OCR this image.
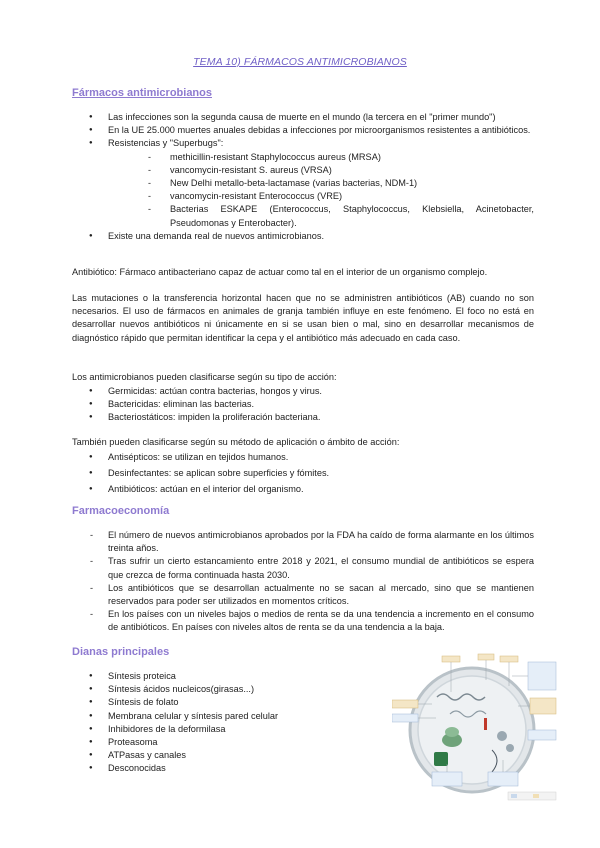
TEMA 10) FÁRMACOS ANTIMICROBIANOS
Fármacos antimicrobianos
● Las infecciones son la segunda causa de muerte en el mundo (la tercera en el "primer mundo")
● En la UE 25.000 muertes anuales debidas a infecciones por microorganismos resistentes a antibióticos.
● Resistencias y "Superbugs":
- methicillin-resistant Staphylococcus aureus (MRSA)
- vancomycin-resistant S. aureus (VRSA)
- New Delhi metallo-beta-lactamase (varias bacterias, NDM-1)
- vancomycin-resistant Enterococcus (VRE)
- Bacterias ESKAPE (Enterococcus, Staphylococcus, Klebsiella, Acinetobacter, Pseudomonas y Enterobacter).
● Existe una demanda real de nuevos antimicrobianos.

Antibiótico: Fármaco antibacteriano capaz de actuar como tal en el interior de un organismo complejo.

Las mutaciones o la transferencia horizontal hacen que no se administren antibióticos (AB) cuando no son necesarios. El uso de fármacos en animales de granja también influye en este fenómeno. El foco no está en desarrollar nuevos antibióticos ni únicamente en si se usan bien o mal, sino en desarrollar mecanismos de diagnóstico rápido que permitan identificar la cepa y el antibiótico más adecuado en cada caso.

Los antimicrobianos pueden clasificarse según su tipo de acción:

● Germicidas: actúan contra bacterias, hongos y virus.
● Bactericidas: eliminan las bacterias.
● Bacteriostáticos: impiden la proliferación bacteriana.

También pueden clasificarse según su método de aplicación o ámbito de acción:

● Antisépticos: se utilizan en tejidos humanos.
● Desinfectantes: se aplican sobre superficies y fómites.
● Antibióticos: actúan en el interior del organismo.
Farmacoeconomía
- El número de nuevos antimicrobianos aprobados por la FDA ha caído de forma alarmante en los últimos treinta años.
- Tras sufrir un cierto estancamiento entre 2018 y 2021, el consumo mundial de antibióticos se espera que crezca de forma continuada hasta 2030.
- Los antibióticos que se desarrollan actualmente no se sacan al mercado, sino que se mantienen reservados para poder ser utilizados en momentos críticos.
- En los países con un niveles bajos o medios de renta se da una tendencia a incremento en el consumo de antibióticos. En países con niveles altos de renta se da una tendencia a la baja.
Dianas principales
● Síntesis proteica
● Síntesis ácidos nucleicos(girasas...)
● Síntesis de folato
● Membrana celular y síntesis pared celular
● Inhibidores de la deformilasa
● Proteasoma
● ATPasas y canales
● Desconocidas
